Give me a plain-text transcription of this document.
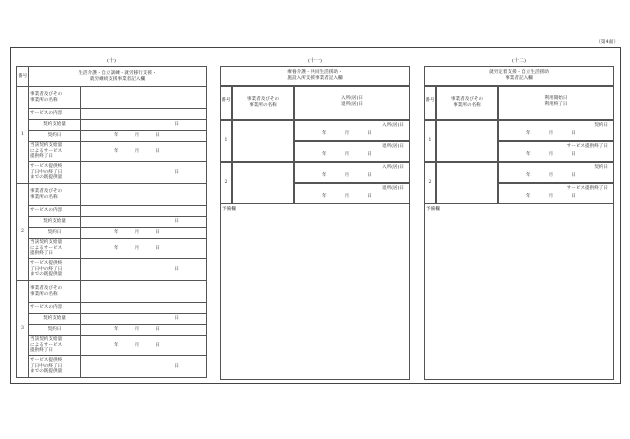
（第4面）
(十)
番号	生活介護・自立訓練・就労移行支援・
就労継続支援事業者記入欄	

1	事業者及びその
事業所の名称	

	サービスの内容	
	契約支給量	日
	契約日	年 月 日

	当該契約支給量
によるサービス
提供終了日	年 月 日

	サービス提供終
了日中の終了日
までの既提供量	日
2	事業者及びその
事業所の名称	

	サービスの内容	
	契約支給量	日
	契約日	年 月 日

	当該契約支給量
によるサービス
提供終了日	年 月 日

	サービス提供終
了日中の終了日
までの既提供量	日
3	事業者及びその
事業所の名称	

	サービスの内容	
	契約支給量	日
	契約日	年 月 日

	当該契約支給量
によるサービス
提供終了日	年 月 日

	サービス提供終
了日中の終了日
までの既提供量	日
(十一)
療養介護・共同生活援助・
施設入所支援事業者記入欄
番号	事業者及びその
事業所の名称
入所(居)日
退所(居)日
1
入所(居)日
年	月	日
退所(居)日
年	月	日
2
入所(居)日
年	月	日
退所(居)日
年	月	日
予備欄
(十二)
就労定着支援・自立生活援助
事業者記入欄
番号	事業者及びその
事業所の名称
利用開始日
利用終了日
1
契約日
年	月	日
サービス提供終了日
年	月	日
2
契約日
年	月	日
サービス提供終了日
年	月	日
予備欄
